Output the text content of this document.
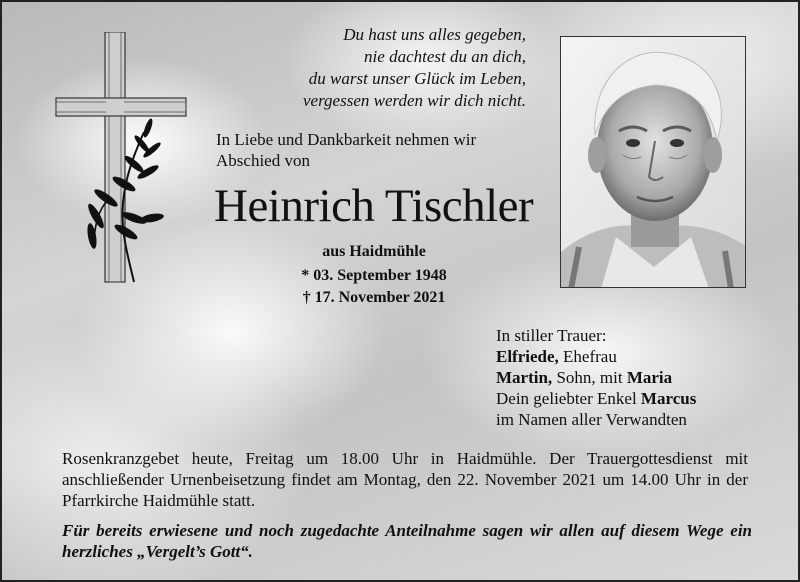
Du hast uns alles gegeben,
nie dachtest du an dich,
du warst unser Glück im Leben,
vergessen werden wir dich nicht.
In Liebe und Dankbarkeit nehmen wir
Abschied von
Heinrich Tischler
aus Haidmühle
* 03. September 1948
† 17. November 2021
In stiller Trauer:
Elfriede, Ehefrau
Martin, Sohn, mit Maria
Dein geliebter Enkel Marcus
im Namen aller Verwandten
Rosenkranzgebet heute, Freitag um 18.00 Uhr in Haidmühle. Der Trauergottesdienst mit anschließender Urnenbeisetzung findet am Montag, den 22. November 2021 um 14.00 Uhr in der Pfarrkirche Haidmühle statt.
Für bereits erwiesene und noch zugedachte Anteilnahme sagen wir allen auf diesem Wege ein herzliches „Vergelt’s Gott“.
